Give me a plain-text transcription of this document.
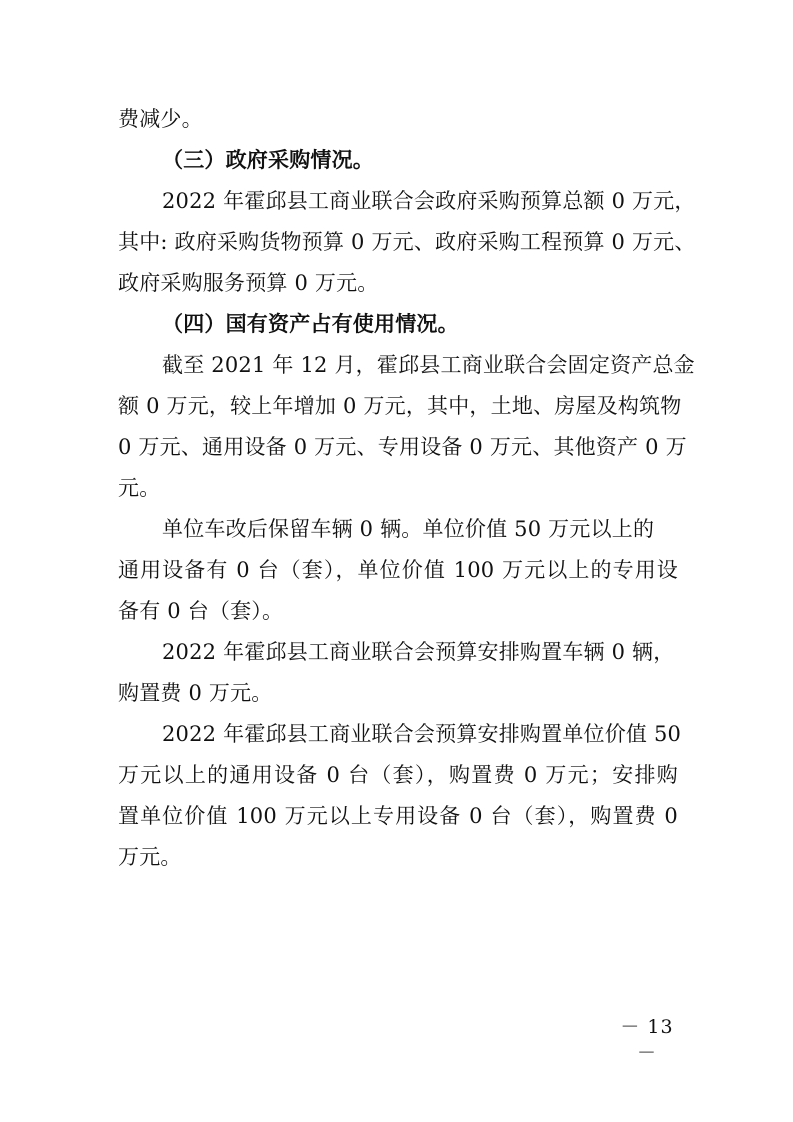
费减少。
（三）政府采购情况。
2022 年霍邱县工商业联合会政府采购预算总额 0 万元，
其中: 政府采购货物预算 0 万元、政府采购工程预算 0 万元、
政府采购服务预算 0 万元。
（四）国有资产占有使用情况。
截至 2021 年 12 月，霍邱县工商业联合会固定资产总金
额 0 万元，较上年增加 0 万元，其中，土地、房屋及构筑物
0 万元、通用设备 0 万元、专用设备 0 万元、其他资产 0 万
元。
单位车改后保留车辆 0 辆。单位价值 50 万元以上的
通用设备有 0 台（套），单位价值 100 万元以上的专用设
备有 0 台（套）。
2022 年霍邱县工商业联合会预算安排购置车辆 0 辆，
购置费 0 万元。
2022 年霍邱县工商业联合会预算安排购置单位价值 50
万元以上的通用设备 0 台（套），购置费 0 万元；安排购
置单位价值 100 万元以上专用设备 0 台（套），购置费 0
万元。
－ 13 －
